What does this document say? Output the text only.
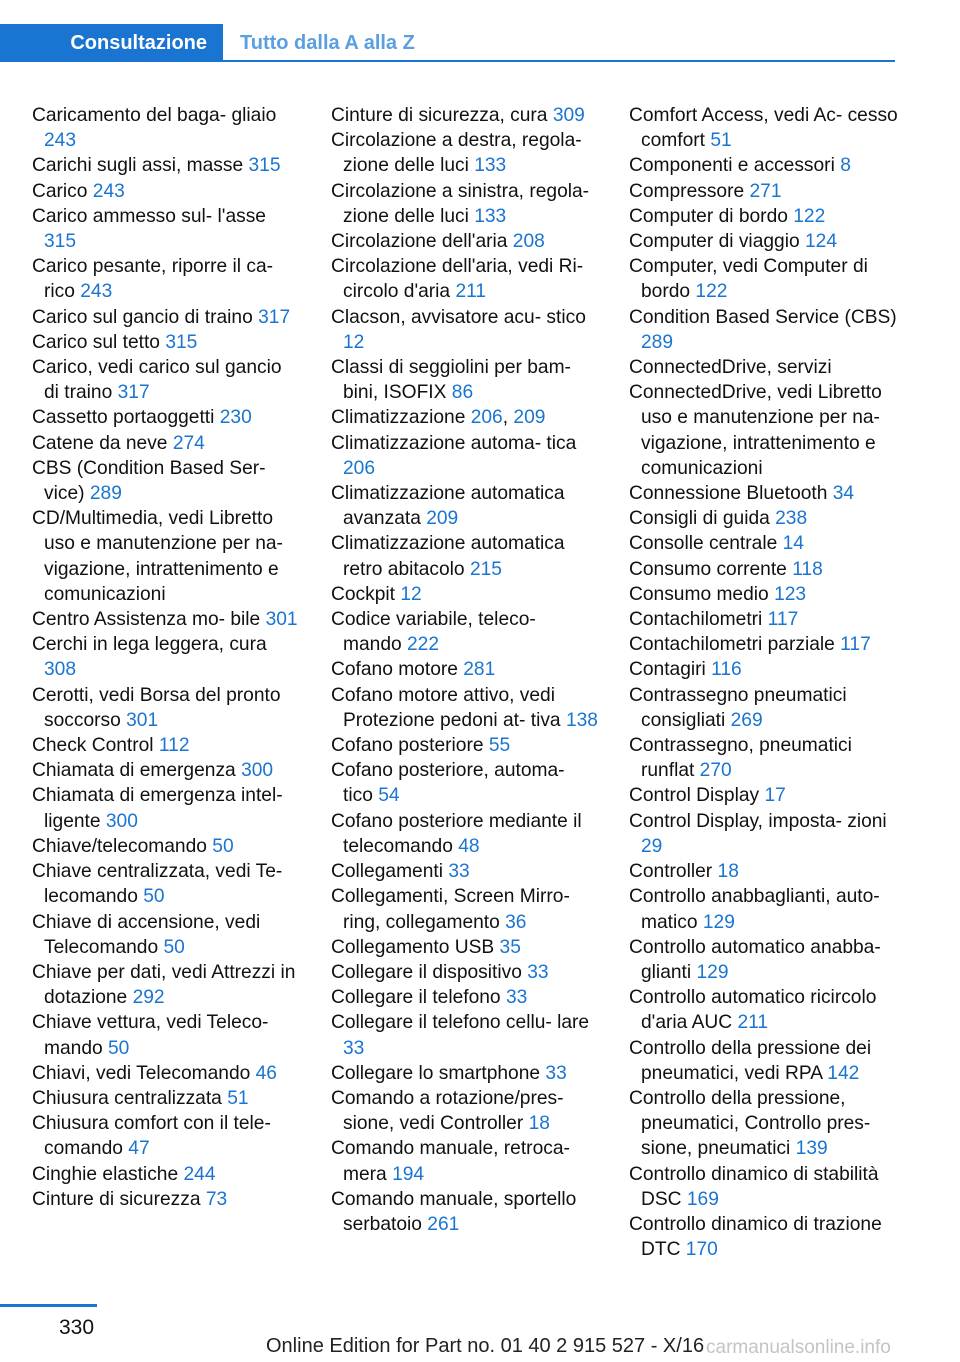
Consultazione	Tutto dalla A alla Z
Caricamento del baga‐ gliaio 243
Carichi sugli assi, masse 315
Carico 243
Carico ammesso sul‐ l'asse 315
Carico pesante, riporre il ca‐ rico 243
Carico sul gancio di traino 317
Carico sul tetto 315
Carico, vedi carico sul gancio di traino 317
Cassetto portaoggetti 230
Catene da neve 274
CBS (Condition Based Ser‐ vice) 289
CD/Multimedia, vedi Libretto uso e manutenzione per na‐ vigazione, intrattenimento e comunicazioni
Centro Assistenza mo‐ bile 301
Cerchi in lega leggera, cura 308
Cerotti, vedi Borsa del pronto soccorso 301
Check Control 112
Chiamata di emergenza 300
Chiamata di emergenza intel‐ ligente 300
Chiave/telecomando 50
Chiave centralizzata, vedi Te‐ lecomando 50
Chiave di accensione, vedi Telecomando 50
Chiave per dati, vedi Attrezzi in dotazione 292
Chiave vettura, vedi Teleco‐ mando 50
Chiavi, vedi Telecomando 46
Chiusura centralizzata 51
Chiusura comfort con il tele‐ comando 47
Cinghie elastiche 244
Cinture di sicurezza 73
Cinture di sicurezza, cura 309
Circolazione a destra, regola‐ zione delle luci 133
Circolazione a sinistra, regola‐ zione delle luci 133
Circolazione dell'aria 208
Circolazione dell'aria, vedi Ri‐ circolo d'aria 211
Clacson, avvisatore acu‐ stico 12
Classi di seggiolini per bam‐ bini, ISOFIX 86
Climatizzazione 206, 209
Climatizzazione automa‐ tica 206
Climatizzazione automatica avanzata 209
Climatizzazione automatica retro abitacolo 215
Cockpit 12
Codice variabile, teleco‐ mando 222
Cofano motore 281
Cofano motore attivo, vedi Protezione pedoni at‐ tiva 138
Cofano posteriore 55
Cofano posteriore, automa‐ tico 54
Cofano posteriore mediante il telecomando 48
Collegamenti 33
Collegamenti, Screen Mirro‐ ring, collegamento 36
Collegamento USB 35
Collegare il dispositivo 33
Collegare il telefono 33
Collegare il telefono cellu‐ lare 33
Collegare lo smartphone 33
Comando a rotazione/pres‐ sione, vedi Controller 18
Comando manuale, retroca‐ mera 194
Comando manuale, sportello serbatoio 261
Comfort Access, vedi Ac‐ cesso comfort 51
Componenti e accessori 8
Compressore 271
Computer di bordo 122
Computer di viaggio 124
Computer, vedi Computer di bordo 122
Condition Based Service (CBS) 289
ConnectedDrive, servizi
ConnectedDrive, vedi Libretto uso e manutenzione per na‐ vigazione, intrattenimento e comunicazioni
Connessione Bluetooth 34
Consigli di guida 238
Consolle centrale 14
Consumo corrente 118
Consumo medio 123
Contachilometri 117
Contachilometri parziale 117
Contagiri 116
Contrassegno pneumatici consigliati 269
Contrassegno, pneumatici runflat 270
Control Display 17
Control Display, imposta‐ zioni 29
Controller 18
Controllo anabbaglianti, auto‐ matico 129
Controllo automatico anabba‐ glianti 129
Controllo automatico ricircolo d'aria AUC 211
Controllo della pressione dei pneumatici, vedi RPA 142
Controllo della pressione, pneumatici, Controllo pres‐ sione, pneumatici 139
Controllo dinamico di stabilità DSC 169
Controllo dinamico di trazione DTC 170
330
Online Edition for Part no. 01 40 2 915 527 - X/16 carmanualsonline.info
